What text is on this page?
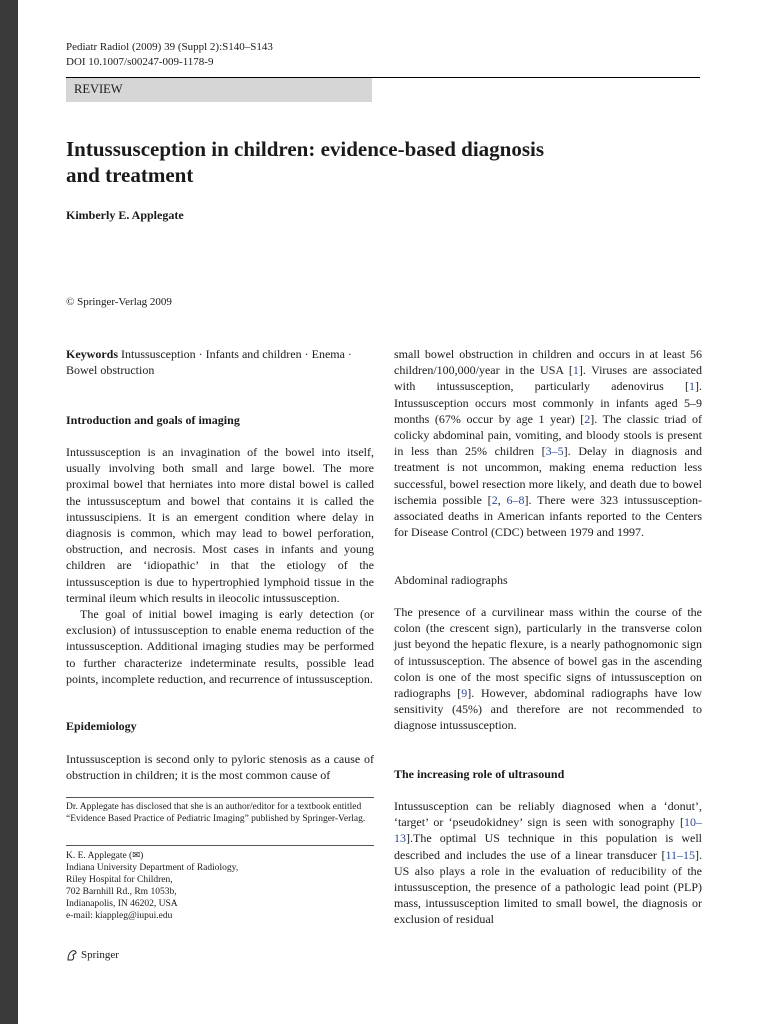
Pediatr Radiol (2009) 39 (Suppl 2):S140–S143
DOI 10.1007/s00247-009-1178-9
REVIEW
Intussusception in children: evidence-based diagnosis
and treatment
Kimberly E. Applegate
© Springer-Verlag 2009

Keywords Intussusception · Infants and children · Enema · Bowel obstruction

Introduction and goals of imaging

Intussusception is an invagination of the bowel into itself, usually involving both small and large bowel. The more proximal bowel that herniates into more distal bowel is called the intussusceptum and bowel that contains it is called the intussuscipiens. It is an emergent condition where delay in diagnosis is common, which may lead to bowel perforation, obstruction, and necrosis. Most cases in infants and young children are ‘idiopathic’ in that the etiology of the intussusception is due to hypertrophied lymphoid tissue in the terminal ileum which results in ileocolic intussusception.

The goal of initial bowel imaging is early detection (or exclusion) of intussusception to enable enema reduction of the intussusception. Additional imaging studies may be performed to further characterize indeterminate results, possible lead points, incomplete reduction, and recurrence of intussusception.

Epidemiology

Intussusception is second only to pyloric stenosis as a cause of obstruction in children; it is the most common cause of

Dr. Applegate has disclosed that she is an author/editor for a textbook entitled “Evidence Based Practice of Pediatric Imaging” published by Springer-Verlag.
K. E. Applegate (✉)
Indiana University Department of Radiology,
Riley Hospital for Children,
702 Barnhill Rd., Rm 1053b,
Indianapolis, IN 46202, USA
e-mail: kiappleg@iupui.edu
Springer

small bowel obstruction in children and occurs in at least 56 children/100,000/year in the USA [1]. Viruses are associated with intussusception, particularly adenovirus [1]. Intussusception occurs most commonly in infants aged 5–9 months (67% occur by age 1 year) [2]. The classic triad of colicky abdominal pain, vomiting, and bloody stools is present in less than 25% children [3–5]. Delay in diagnosis and treatment is not uncommon, making enema reduction less successful, bowel resection more likely, and death due to bowel ischemia possible [2, 6–8]. There were 323 intussusception-associated deaths in American infants reported to the Centers for Disease Control (CDC) between 1979 and 1997.

Abdominal radiographs

The presence of a curvilinear mass within the course of the colon (the crescent sign), particularly in the transverse colon just beyond the hepatic flexure, is a nearly pathognomonic sign of intussusception. The absence of bowel gas in the ascending colon is one of the most specific signs of intussusception on radiographs [9]. However, abdominal radiographs have low sensitivity (45%) and therefore are not recommended to diagnose intussusception.

The increasing role of ultrasound

Intussusception can be reliably diagnosed when a ‘donut’, ‘target’ or ‘pseudokidney’ sign is seen with sonography [10–13].The optimal US technique in this population is well described and includes the use of a linear transducer [11–15]. US also plays a role in the evaluation of reducibility of the intussusception, the presence of a pathologic lead point (PLP) mass, intussusception limited to small bowel, the diagnosis or exclusion of residual
